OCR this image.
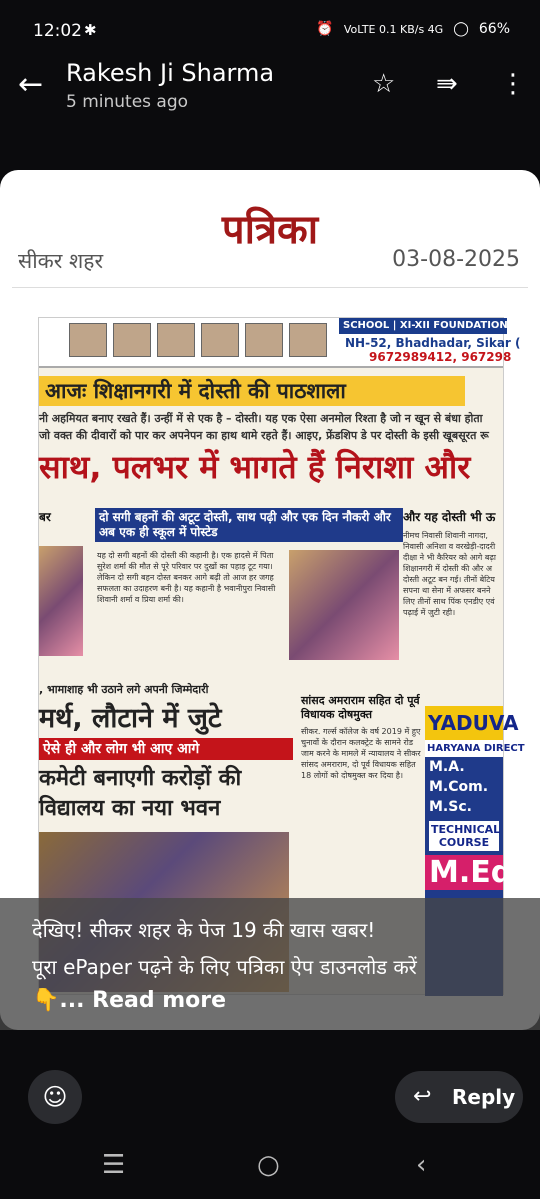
12:02 ✱	⏰ VoLTE 0.1 KB/s 4G ◯ 66%
← Rakesh Ji Sharma
5 minutes ago
☆ ⇛ ⋮
पत्रिका
सीकर शहर	03-08-2025
SCHOOL | XI-XII FOUNDATION | V
NH-52, Bhadhadar, Sikar (
9672989412, 967298
आजः शिक्षानगरी में दोस्ती की पाठशाला
नी अहमियत बनाए रखते हैं। उन्हीं में से एक है – दोस्ती। यह एक ऐसा अनमोल रिश्ता है जो न खून से बंधा होता
जो वक्त की दीवारों को पार कर अपनेपन का हाथ थामे रहते हैं। आइए, फ्रेंडशिप डे पर दोस्ती के इसी खूबसूरत रू
साथ, पलभर में भागते हैं निराशा और
बर	दो सगी बहनों की अटूट दोस्ती, साथ पढ़ी और एक दिन नौकरी और अब एक ही स्कूल में पोस्टेड
और यह दोस्ती भी ऊ
यह दो सगी बहनों की दोस्ती की कहानी है। एक हादसे में पिता सुरेश शर्मा की मौत से पूरे परिवार पर दुखों का पहाड़ टूट गया। लेकिन दो सगी बहन दोस्त बनकर आगे बढ़ी तो आज हर जगह सफलता का उदाहरण बनी है। यह कहानी है भवानीपुरा निवासी शिवानी शर्मा व प्रिया शर्मा की।
नीमच निवासी शिवानी नागदा, निवासी अनिशा व वरखेड़ी-दादरी दीक्षा ने भी कैरियर को आगे बढ़ा शिक्षानगरी में दोस्ती की और अ दोस्ती अटूट बन गई। तीनों बेटिय सपना था सेना में अफसर बनने लिए तीनों साथ पिंक एनडीए एवं पढ़ाई में जुटी रही।
, भामाशाह भी उठाने लगे अपनी जिम्मेदारी
मर्थ, लौटाने में जुटे
ऐसे ही और लोग भी आए आगे
कमेटी बनाएगी करोड़ों की विद्यालय का नया भवन
सांसद अमराराम सहित दो पूर्व विधायक दोषमुक्त
सीकर. गर्ल्स कॉलेज के वर्ष 2019 में हुए चुनावों के दौरान कलक्ट्रेट के सामने रोड जाम करने के मामले में न्यायालय ने सीकर सांसद अमराराम, दो पूर्व विधायक सहित 18 लोगों को दोषमुक्त कर दिया है।
YADUVA
HARYANA DIRECT
M.A.
M.Com.
M.Sc.
TECHNICAL COURSE
M.Ed
देखिए! सीकर शहर के पेज 19 की खास खबर!
पूरा ePaper पढ़ने के लिए पत्रिका ऐप डाउनलोड करें
👇... Read more
☺	↩ Reply
☰	○	‹
